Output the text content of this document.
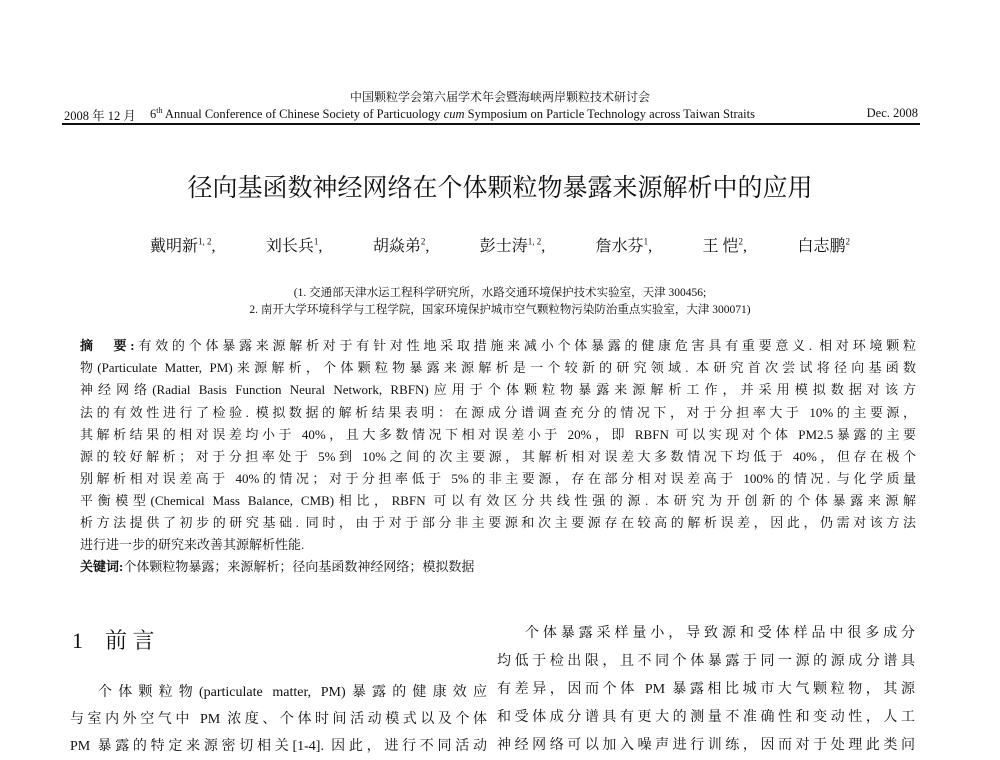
中国颗粒学会第六届学术年会暨海峡两岸颗粒技术研讨会
2008 年 12 月 6th Annual Conference of Chinese Society of Particuology cum Symposium on Particle Technology across Taiwan Straits	Dec. 2008
径向基函数神经网络在个体颗粒物暴露来源解析中的应用
戴明新$^{1, 2}$,	刘长兵$^1$,	胡焱弟$^2$,	彭士涛$^{1, 2}$,	詹水芬$^1$,	王 恺$^2$,	白志鹏$^2$
(1. 交通部天津水运工程科学研究所，水路交通环境保护技术实验室，天津 300456;
2. 南开大学环境科学与工程学院，国家环境保护城市空气颗粒物污染防治重点实验室，大津 300071)
摘　要:有效的个体暴露来源解析对于有针对性地采取措施来减小个体暴露的健康危害具有重要意义. 相对环境颗粒
物(Particulate Matter, PM)来源解析，个体颗粒物暴露来源解析是一个较新的研究领域. 本研究首次尝试将径向基函数
神经网络(Radial Basis Function Neural Network, RBFN)应用于个体颗粒物暴露来源解析工作，并采用模拟数据对该方
法的有效性进行了检验. 模拟数据的解析结果表明：在源成分谱调查充分的情况下，对于分担率大于 10%的主要源，
其解析结果的相对误差均小于 40%，且大多数情况下相对误差小于 20%，即 RBFN 可以实现对个体 PM2.5暴露的主要
源的较好解析；对于分担率处于 5%到 10%之间的次主要源，其解析相对误差大多数情况下均低于 40%，但存在极个
别解析相对误差高于 40%的情况；对于分担率低于 5%的非主要源，存在部分相对误差高于 100%的情况. 与化学质量
平衡模型(Chemical Mass Balance, CMB)相比，RBFN 可以有效区分共线性强的源. 本研究为开创新的个体暴露来源解
析方法提供了初步的研究基础. 同时，由于对于部分非主要源和次主要源存在较高的解析误差，因此，仍需对该方法
进行进一步的研究来改善其源解析性能.
关键词:个体颗粒物暴露；来源解析；径向基函数神经网络；模拟数据
1　前 言
个体颗粒物(particulate matter, PM)暴露的健康效应
与室内外空气中 PM 浓度、个体时间活动模式以及个体
PM 暴露的特定来源密切相关[1-4]. 因此，进行不同活动
个体暴露采样量小，导致源和受体样品中很多成分
均低于检出限，且不同个体暴露于同一源的源成分谱具
有差异，因而个体 PM 暴露相比城市大气颗粒物，其源
和受体成分谱具有更大的测量不准确性和变动性，人工
神经网络可以加入噪声进行训练，因而对于处理此类问
